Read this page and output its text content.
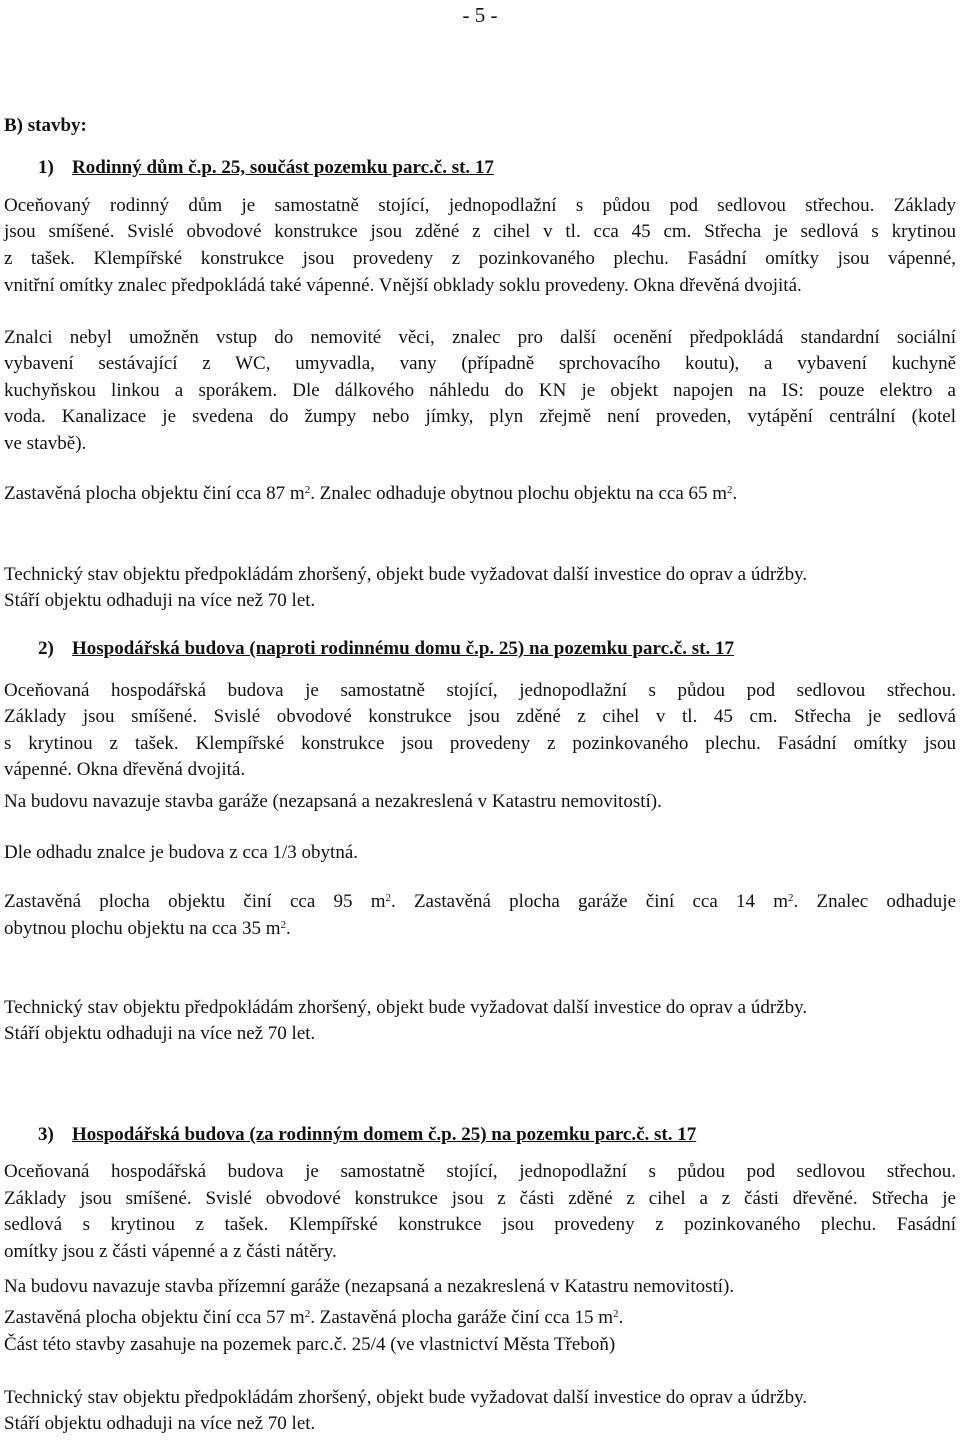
- 5 -
B) stavby:
1) Rodinný dům č.p. 25, součást pozemku parc.č. st. 17
Oceňovaný rodinný dům je samostatně stojící, jednopodlažní s půdou pod sedlovou střechou. Základy
jsou smíšené. Svislé obvodové konstrukce jsou zděné z cihel v tl. cca 45 cm. Střecha je sedlová s krytinou
z tašek. Klempířské konstrukce jsou provedeny z pozinkovaného plechu. Fasádní omítky jsou vápenné,
vnitřní omítky znalec předpokládá také vápenné. Vnější obklady soklu provedeny. Okna dřevěná dvojitá.
Znalci nebyl umožněn vstup do nemovité věci, znalec pro další ocenění předpokládá standardní sociální
vybavení sestávající z WC, umyvadla, vany (případně sprchovacího koutu), a vybavení kuchyně
kuchyňskou linkou a sporákem. Dle dálkového náhledu do KN je objekt napojen na IS: pouze elektro a
voda. Kanalizace je svedena do žumpy nebo jímky, plyn zřejmě není proveden, vytápění centrální (kotel
ve stavbě).
Zastavěná plocha objektu činí cca 87 $m^2$. Znalec odhaduje obytnou plochu objektu na cca 65 $m^2$.
Technický stav objektu předpokládám zhoršený, objekt bude vyžadovat další investice do oprav a údržby.
Stáří objektu odhaduji na více než 70 let.
2) Hospodářská budova (naproti rodinnému domu č.p. 25) na pozemku parc.č. st. 17
Oceňovaná hospodářská budova je samostatně stojící, jednopodlažní s půdou pod sedlovou střechou.
Základy jsou smíšené. Svislé obvodové konstrukce jsou zděné z cihel v tl. 45 cm. Střecha je sedlová
s krytinou z tašek. Klempířské konstrukce jsou provedeny z pozinkovaného plechu. Fasádní omítky jsou
vápenné. Okna dřevěná dvojitá.
Na budovu navazuje stavba garáže (nezapsaná a nezakreslená v Katastru nemovitostí).
Dle odhadu znalce je budova z cca 1/3 obytná.
Zastavěná plocha objektu činí cca 95 $m^2$. Zastavěná plocha garáže činí cca 14 $m^2$. Znalec odhaduje
obytnou plochu objektu na cca 35 $m^2$.
Technický stav objektu předpokládám zhoršený, objekt bude vyžadovat další investice do oprav a údržby.
Stáří objektu odhaduji na více než 70 let.
3) Hospodářská budova (za rodinným domem č.p. 25) na pozemku parc.č. st. 17
Oceňovaná hospodářská budova je samostatně stojící, jednopodlažní s půdou pod sedlovou střechou.
Základy jsou smíšené. Svislé obvodové konstrukce jsou z části zděné z cihel a z části dřevěné. Střecha je
sedlová s krytinou z tašek. Klempířské konstrukce jsou provedeny z pozinkovaného plechu. Fasádní
omítky jsou z části vápenné a z části nátěry.
Na budovu navazuje stavba přízemní garáže (nezapsaná a nezakreslená v Katastru nemovitostí).
Zastavěná plocha objektu činí cca 57 $m^2$. Zastavěná plocha garáže činí cca 15 $m^2$.
Část této stavby zasahuje na pozemek parc.č. 25/4 (ve vlastnictví Města Třeboň)
Technický stav objektu předpokládám zhoršený, objekt bude vyžadovat další investice do oprav a údržby.
Stáří objektu odhaduji na více než 70 let.
